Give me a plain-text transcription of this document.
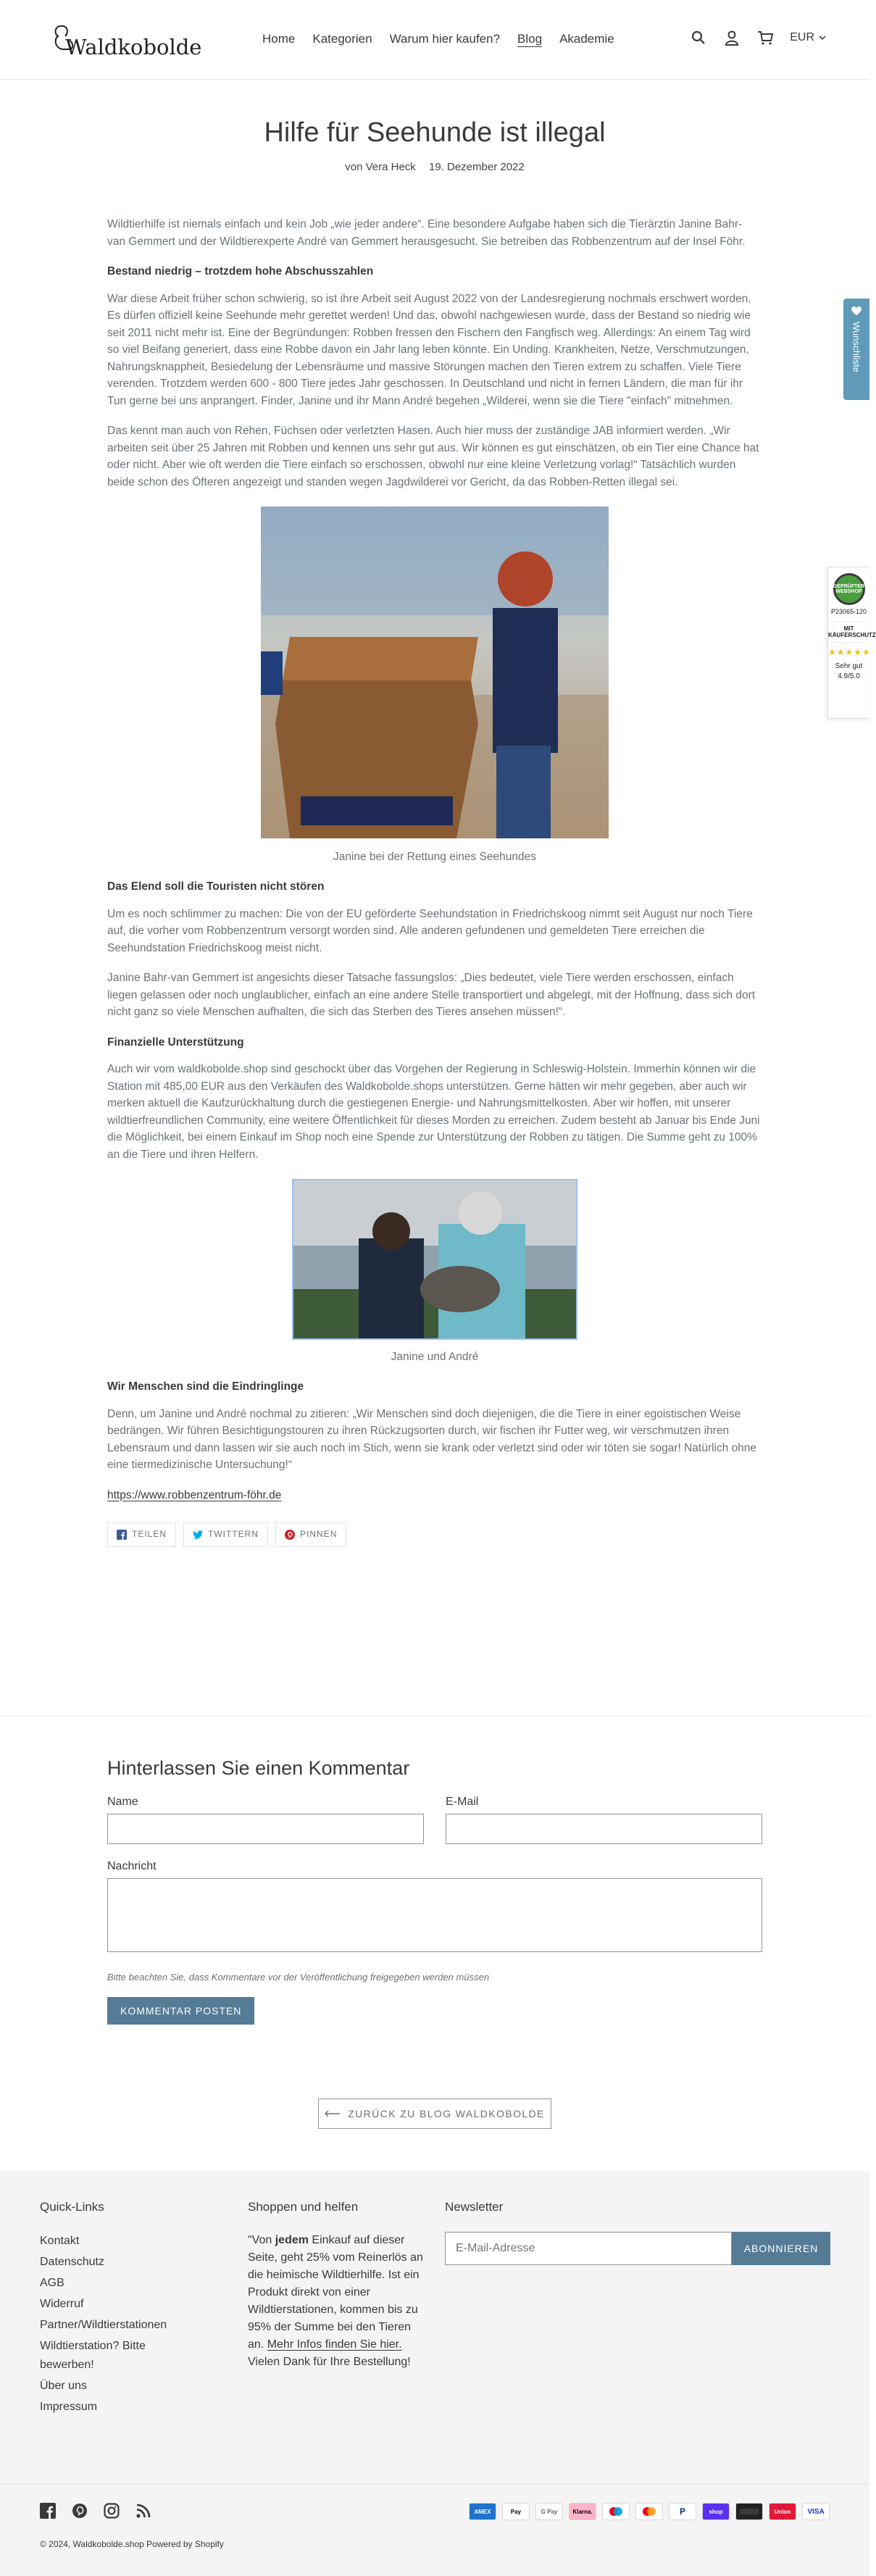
Waldkobolde	Home Kategorien Warum hier kaufen? Blog Akademie	EUR
Hilfe für Seehunde ist illegal
von Vera Heck 19. Dezember 2022

Wildtierhilfe ist niemals einfach und kein Job „wie jeder andere“. Eine besondere Aufgabe haben sich die Tierärztin Janine Bahr- van Gemmert und der Wildtierexperte André van Gemmert herausgesucht. Sie betreiben das Robbenzentrum auf der Insel Föhr.

Bestand niedrig – trotzdem hohe Abschusszahlen

War diese Arbeit früher schon schwierig, so ist ihre Arbeit seit August 2022 von der Landesregierung nochmals erschwert worden. Es dürfen offiziell keine Seehunde mehr gerettet werden! Und das, obwohl nachgewiesen wurde, dass der Bestand so niedrig wie seit 2011 nicht mehr ist. Eine der Begründungen: Robben fressen den Fischern den Fangfisch weg. Allerdings: An einem Tag wird so viel Beifang generiert, dass eine Robbe davon ein Jahr lang leben könnte. Ein Unding. Krankheiten, Netze, Verschmutzungen, Nahrungsknappheit, Besiedelung der Lebensräume und massive Störungen machen den Tieren extrem zu schaffen. Viele Tiere verenden. Trotzdem werden 600 - 800 Tiere jedes Jahr geschossen. In Deutschland und nicht in fernen Ländern, die man für ihr Tun gerne bei uns anprangert. Finder, Janine und ihr Mann André begehen „Wilderei, wenn sie die Tiere "einfach" mitnehmen.

Das kennt man auch von Rehen, Füchsen oder verletzten Hasen. Auch hier muss der zuständige JAB informiert werden. „Wir arbeiten seit über 25 Jahren mit Robben und kennen uns sehr gut aus. Wir können es gut einschätzen, ob ein Tier eine Chance hat oder nicht. Aber wie oft werden die Tiere einfach so erschossen, obwohl nur eine kleine Verletzung vorlag!“ Tatsächlich wurden beide schon des Öfteren angezeigt und standen wegen Jagdwilderei vor Gericht, da das Robben-Retten illegal sei.

Janine bei der Rettung eines Seehundes
Das Elend soll die Touristen nicht stören

Um es noch schlimmer zu machen: Die von der EU geförderte Seehundstation in Friedrichskoog nimmt seit August nur noch Tiere auf, die vorher vom Robbenzentrum versorgt worden sind. Alle anderen gefundenen und gemeldeten Tiere erreichen die Seehundstation Friedrichskoog meist nicht.

Janine Bahr-van Gemmert ist angesichts dieser Tatsache fassungslos: „Dies bedeutet, viele Tiere werden erschossen, einfach liegen gelassen oder noch unglaublicher, einfach an eine andere Stelle transportiert und abgelegt, mit der Hoffnung, dass sich dort nicht ganz so viele Menschen aufhalten, die sich das Sterben des Tieres ansehen müssen!“.

Finanzielle Unterstützung

Auch wir vom waldkobolde.shop sind geschockt über das Vorgehen der Regierung in Schleswig-Holstein. Immerhin können wir die Station mit 485,00 EUR aus den Verkäufen des Waldkobolde.shops unterstützen. Gerne hätten wir mehr gegeben, aber auch wir merken aktuell die Kaufzurückhaltung durch die gestiegenen Energie- und Nahrungsmittelkosten. Aber wir hoffen, mit unserer wildtierfreundlichen Community, eine weitere Öffentlichkeit für dieses Morden zu erreichen. Zudem besteht ab Januar bis Ende Juni die Möglichkeit, bei einem Einkauf im Shop noch eine Spende zur Unterstützung der Robben zu tätigen. Die Summe geht zu 100% an die Tiere und ihren Helfern.

Janine und André
Wir Menschen sind die Eindringlinge

Denn, um Janine und André nochmal zu zitieren: „Wir Menschen sind doch diejenigen, die die Tiere in einer egoistischen Weise bedrängen. Wir führen Besichtigungstouren zu ihren Rückzugsorten durch, wir fischen ihr Futter weg, wir verschmutzen ihren Lebensraum und dann lassen wir sie auch noch im Stich, wenn sie krank oder verletzt sind oder wir töten sie sogar! Natürlich ohne eine tiermedizinische Untersuchung!“

https://www.robbenzentrum-föhr.de
TEILEN	TWITTERN	PINNEN
Hinterlassen Sie einen Kommentar
Name	E-Mail
Nachricht

Bitte beachten Sie, dass Kommentare vor der Veröffentlichung freigegeben werden müssen

KOMMENTAR POSTEN
ZURÜCK ZU BLOG WALDKOBOLDE
Quick-Links
Kontakt
Datenschutz
AGB
Widerruf
Partner/Wildtierstationen
Wildtierstation? Bitte bewerben!
Über uns
Impressum
Shoppen und helfen

"Von jedem Einkauf auf dieser Seite, geht 25% vom Reinerlös an die heimische Wildtierhilfe. Ist ein Produkt direkt von einer Wildtierstationen, kommen bis zu 95% der Summe bei den Tieren an. Mehr Infos finden Sie hier. Vielen Dank für Ihre Bestellung!

Newsletter
E-Mail-Adresse
ABONNIEREN
AMEX	Pay	G Pay	Klarna.	P	shop	Union	VISA
© 2024, Waldkobolde.shop Powered by Shopify
Wunschliste
GEPRÜFTER WEBSHOP
P23065-120
MIT KÄUFERSCHUTZ
★★★★★
Sehr gut
4.9/5.0
